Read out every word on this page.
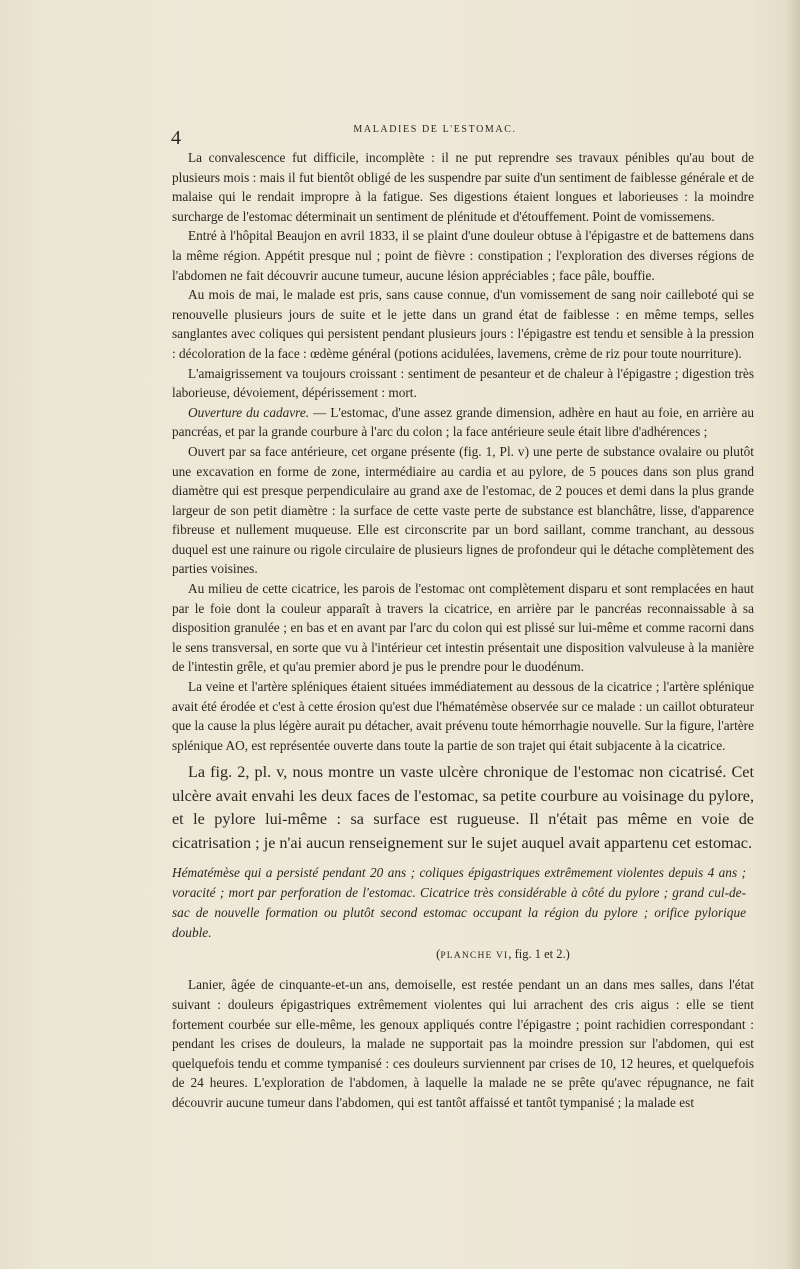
4	MALADIES DE L'ESTOMAC.

La convalescence fut difficile, incomplète : il ne put reprendre ses travaux pénibles qu'au bout de plusieurs mois : mais il fut bientôt obligé de les suspendre par suite d'un sentiment de faiblesse générale et de malaise qui le rendait impropre à la fatigue. Ses digestions étaient longues et laborieuses : la moindre surcharge de l'estomac déterminait un sentiment de plénitude et d'étouffement. Point de vomissemens.

Entré à l'hôpital Beaujon en avril 1833, il se plaint d'une douleur obtuse à l'épigastre et de battemens dans la même région. Appétit presque nul ; point de fièvre : constipation ; l'exploration des diverses régions de l'abdomen ne fait découvrir aucune tumeur, aucune lésion appréciables ; face pâle, bouffie.

Au mois de mai, le malade est pris, sans cause connue, d'un vomissement de sang noir cailleboté qui se renouvelle plusieurs jours de suite et le jette dans un grand état de faiblesse : en même temps, selles sanglantes avec coliques qui persistent pendant plusieurs jours : l'épigastre est tendu et sensible à la pression : décoloration de la face : œdème général (potions acidulées, lavemens, crème de riz pour toute nourriture).

L'amaigrissement va toujours croissant : sentiment de pesanteur et de chaleur à l'épigastre ; digestion très laborieuse, dévoiement, dépérissement : mort.

Ouverture du cadavre. — L'estomac, d'une assez grande dimension, adhère en haut au foie, en arrière au pancréas, et par la grande courbure à l'arc du colon ; la face antérieure seule était libre d'adhérences ;

Ouvert par sa face antérieure, cet organe présente (fig. 1, Pl. v) une perte de substance ovalaire ou plutôt une excavation en forme de zone, intermédiaire au cardia et au pylore, de 5 pouces dans son plus grand diamètre qui est presque perpendiculaire au grand axe de l'estomac, de 2 pouces et demi dans la plus grande largeur de son petit diamètre : la surface de cette vaste perte de substance est blanchâtre, lisse, d'apparence fibreuse et nullement muqueuse. Elle est circonscrite par un bord saillant, comme tranchant, au dessous duquel est une rainure ou rigole circulaire de plusieurs lignes de profondeur qui le détache complètement des parties voisines.

Au milieu de cette cicatrice, les parois de l'estomac ont complètement disparu et sont remplacées en haut par le foie dont la couleur apparaît à travers la cicatrice, en arrière par le pancréas reconnaissable à sa disposition granulée ; en bas et en avant par l'arc du colon qui est plissé sur lui-même et comme racorni dans le sens transversal, en sorte que vu à l'intérieur cet intestin présentait une disposition valvuleuse à la manière de l'intestin grêle, et qu'au premier abord je pus le prendre pour le duodénum.

La veine et l'artère spléniques étaient situées immédiatement au dessous de la cicatrice ; l'artère splénique avait été érodée et c'est à cette érosion qu'est due l'hématémèse observée sur ce malade : un caillot obturateur que la cause la plus légère aurait pu détacher, avait prévenu toute hémorrhagie nouvelle. Sur la figure, l'artère splénique AO, est représentée ouverte dans toute la partie de son trajet qui était subjacente à la cicatrice.

La fig. 2, pl. v, nous montre un vaste ulcère chronique de l'estomac non cicatrisé. Cet ulcère avait envahi les deux faces de l'estomac, sa petite courbure au voisinage du pylore, et le pylore lui-même : sa surface est rugueuse. Il n'était pas même en voie de cicatrisation ; je n'ai aucun renseignement sur le sujet auquel avait appartenu cet estomac.

Hématémèse qui a persisté pendant 20 ans ; coliques épigastriques extrêmement violentes depuis 4 ans ; voracité ; mort par perforation de l'estomac. Cicatrice très considérable à côté du pylore ; grand cul-de-sac de nouvelle formation ou plutôt second estomac occupant la région du pylore ; orifice pylorique double.

(PLANCHE VI, fig. 1 et 2.)

Lanier, âgée de cinquante-et-un ans, demoiselle, est restée pendant un an dans mes salles, dans l'état suivant : douleurs épigastriques extrêmement violentes qui lui arrachent des cris aigus : elle se tient fortement courbée sur elle-même, les genoux appliqués contre l'épigastre ; point rachidien correspondant : pendant les crises de douleurs, la malade ne supportait pas la moindre pression sur l'abdomen, qui est quelquefois tendu et comme tympanisé : ces douleurs surviennent par crises de 10, 12 heures, et quelquefois de 24 heures. L'exploration de l'abdomen, à laquelle la malade ne se prête qu'avec répugnance, ne fait découvrir aucune tumeur dans l'abdomen, qui est tantôt affaissé et tantôt tympanisé ; la malade est
